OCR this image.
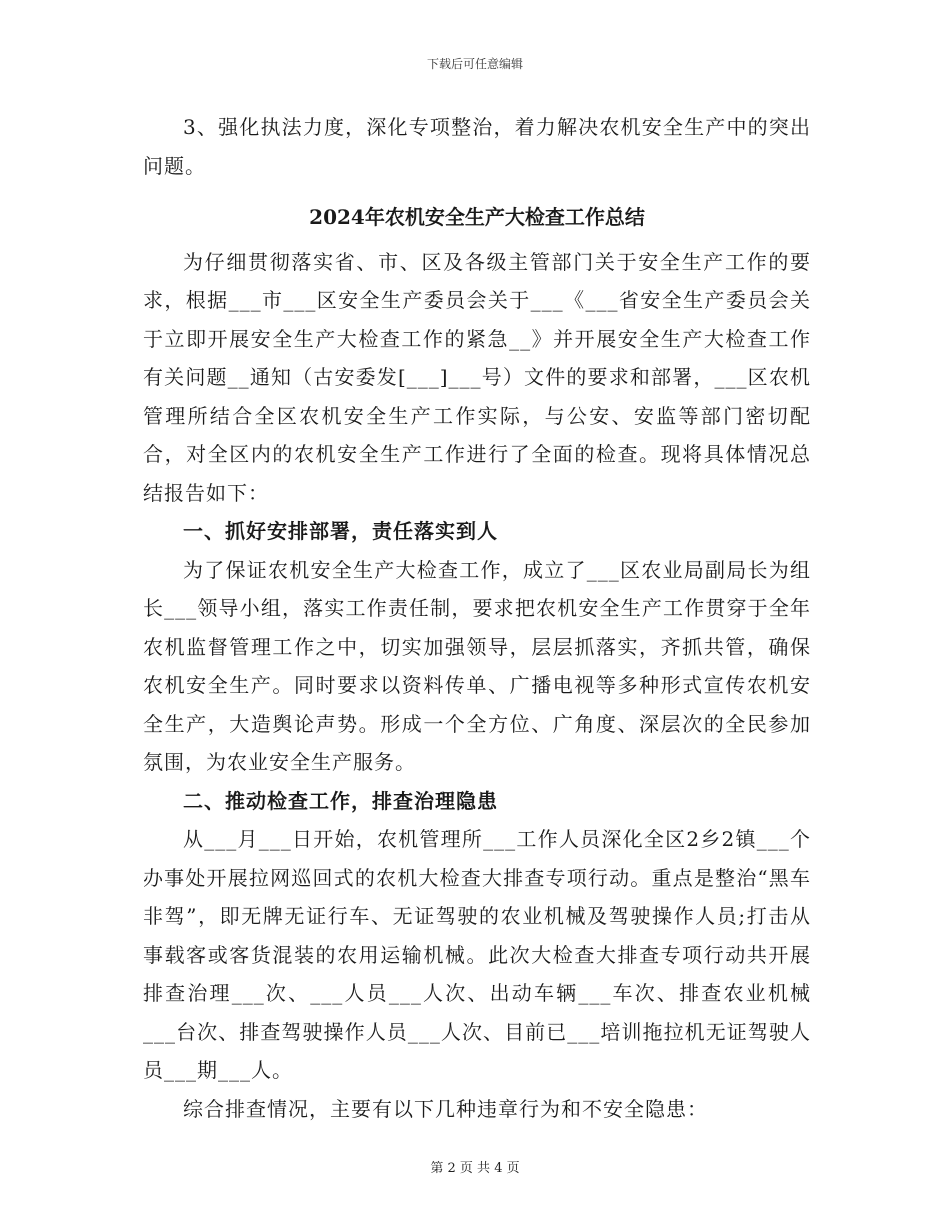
下载后可任意编辑

3、强化执法力度，深化专项整治，着力解决农机安全生产中的突出问题。

2024年农机安全生产大检查工作总结

为仔细贯彻落实省、市、区及各级主管部门关于安全生产工作的要求，根据___市___区安全生产委员会关于___《___省安全生产委员会关于立即开展安全生产大检查工作的紧急__》并开展安全生产大检查工作有关问题__通知（古安委发[___]___号）文件的要求和部署，___区农机管理所结合全区农机安全生产工作实际，与公安、安监等部门密切配合，对全区内的农机安全生产工作进行了全面的检查。现将具体情况总结报告如下：

一、抓好安排部署，责任落实到人

为了保证农机安全生产大检查工作，成立了___区农业局副局长为组长___领导小组，落实工作责任制，要求把农机安全生产工作贯穿于全年农机监督管理工作之中，切实加强领导，层层抓落实，齐抓共管，确保农机安全生产。同时要求以资料传单、广播电视等多种形式宣传农机安全生产，大造舆论声势。形成一个全方位、广角度、深层次的全民参加氛围，为农业安全生产服务。

二、推动检查工作，排查治理隐患

从___月___日开始，农机管理所___工作人员深化全区2乡2镇___个办事处开展拉网巡回式的农机大检查大排查专项行动。重点是整治“黑车非驾”，即无牌无证行车、无证驾驶的农业机械及驾驶操作人员;打击从事载客或客货混装的农用运输机械。此次大检查大排查专项行动共开展排查治理___次、___人员___人次、出动车辆___车次、排查农业机械___台次、排查驾驶操作人员___人次、目前已___培训拖拉机无证驾驶人员___期___人。

综合排查情况，主要有以下几种违章行为和不安全隐患：

第 2 页 共 4 页
